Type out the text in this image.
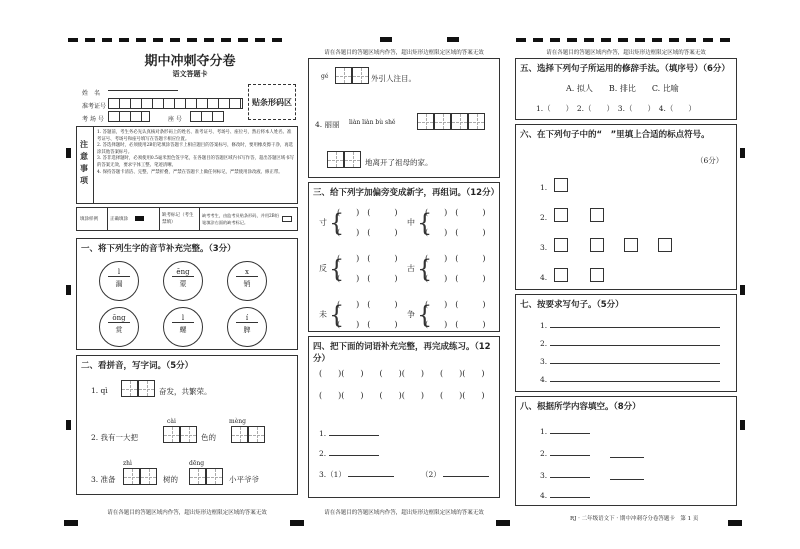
期中冲刺夺分卷
语文答题卡
姓　名
准考证号
考 场 号	座 号
贴条形码区
注意事项
1. 答题前，考生务必先认真核对条形码上的姓名、准考证号、考场号、座位号，然后将本人姓名、准考证号、考场号和座号填写在答题卡相应位置。
2. 答选择题时，必须使用2B铅笔填涂答题卡上相应题目的答案标号，修改时，要用橡皮擦干净，再选涂其他答案标号。
3. 答非选择题时，必须使用0.5毫米黑色签字笔，在各题目的答题区域内书写作答，超出答题区域书写的答案无效，要求字体工整、笔迹清晰。
4. 保持答题卡清洁、完整，严禁折叠，严禁在答题卡上做任何标记，严禁使用涂改液、修正带。
填涂样例	正确填涂
缺考标记（考生禁填）
缺考考生，由监考员贴条形码，并用2B铅笔填涂右面的缺考标记。
一、将下列生字的音节补充完整。（3分）
l
漏
ēng
蒙
x
销
ōng
赏
l
螺
í
脾
二、看拼音，写字词。（5分）
1. qì	奋发，共繁荣。
2. 我有一大把
cài
色的
mèng
3. 准备
zhì
树的
dēng
小平爷爷
请在各题目的答题区域内作答，超出矩形边框限定区域的答案无效
请在各题目的答题区域内作答，超出矩形边框限定区域的答案无效
gé	外引人注目。
4. 丽丽 liàn liàn bù shě
地离开了祖母的家。
三、给下列字加偏旁变成新字，再组词。（12分）
寸 {
(　　)　(　　　)
(　　)　(　　　)
中 {
(　　)　(　　　)
(　　)　(　　　)
反 {
(　　)　(　　　)
(　　)　(　　　)
古 {
(　　)　(　　　)
(　　)　(　　　)
未 {
(　　)　(　　　)
(　　)　(　　　)
争 {
(　　)　(　　　)
(　　)　(　　　)
四、把下面的词语补充完整，再完成练习。（12分）
(　　)(　　)　　(　　)(　　)　　(　　)(　　)
(　　)(　　)　　(　　)(　　)　　(　　)(　　)
1.
2.
3.（1）	（2）
请在各题目的答题区域内作答，超出矩形边框限定区域的答案无效
请在各题目的答题区域内作答，超出矩形边框限定区域的答案无效
五、选择下列句子所运用的修辞手法。（填序号）（6分）
A. 拟人　　B. 排比　　C. 比喻
1.（　　）　2.（　　）　3.（　　）　4.（　　）
六、在下列句子中的“　”里填上合适的标点符号。
（6分）
1.
2.
3.
4.
七、按要求写句子。（5分）
1.
2.
3.
4.
八、根据所学内容填空。（8分）
1.
2.
3.
4.
RJ · 二年级语文下 · 期中冲刺夺分卷答题卡　第 1 页
